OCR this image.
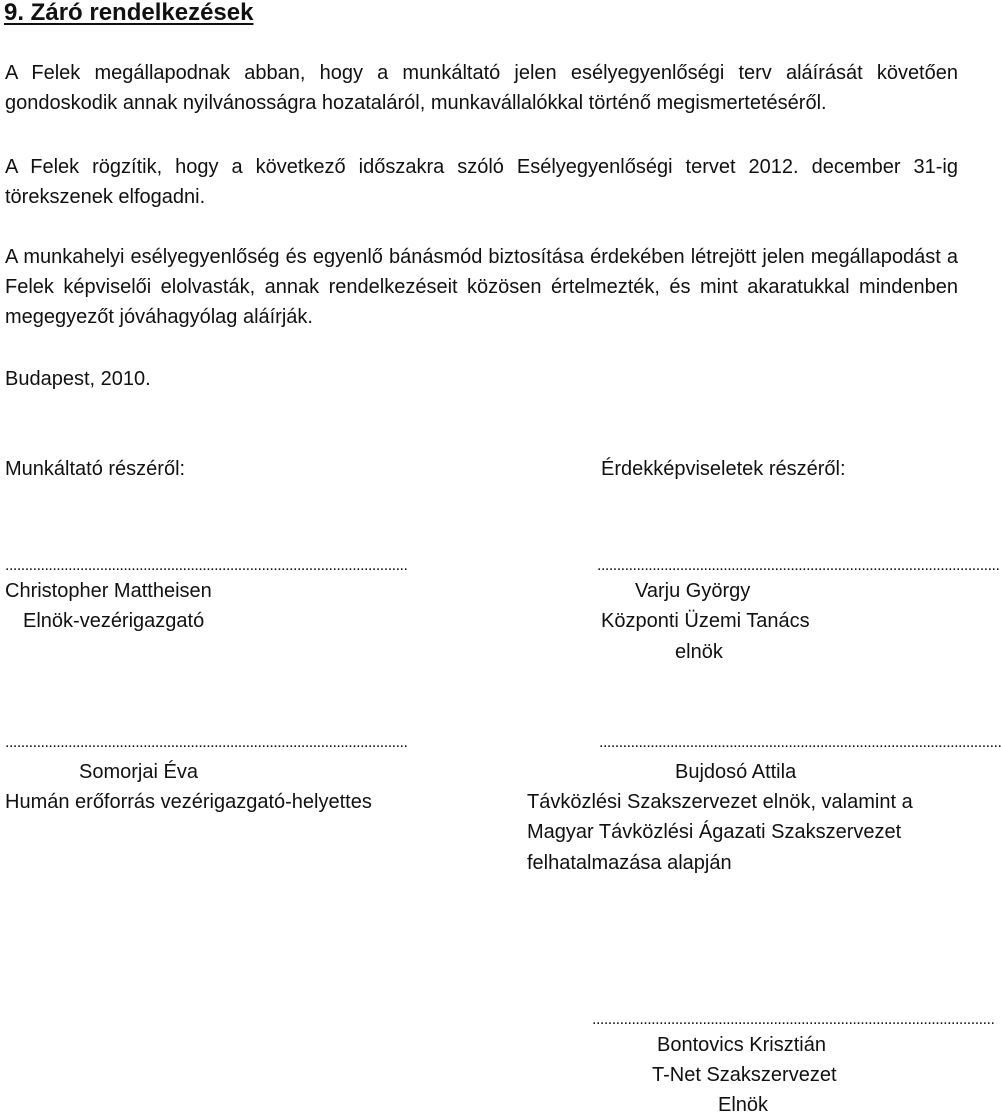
9. Záró rendelkezések

A Felek megállapodnak abban, hogy a munkáltató jelen esélyegyenlőségi terv aláírását követően gondoskodik annak nyilvánosságra hozataláról, munkavállalókkal történő megismertetéséről.

A Felek rögzítik, hogy a következő időszakra szóló Esélyegyenlőségi tervet 2012. december 31-ig törekszenek elfogadni.

A munkahelyi esélyegyenlőség és egyenlő bánásmód biztosítása érdekében létrejött jelen megállapodást a Felek képviselői elolvasták, annak rendelkezéseit közösen értelmezték, és mint akaratukkal mindenben megegyezőt jóváhagyólag aláírják.

Budapest, 2010.
Munkáltató részéről:	Érdekképviseletek részéről:
......................................................................................................
Christopher Mattheisen
Elnök-vezérigazgató
......................................................................................................
Varju György
Központi Üzemi Tanács
elnök
......................................................................................................
Somorjai Éva
Humán erőforrás vezérigazgató-helyettes
......................................................................................................
Bujdosó Attila
Távközlési Szakszervezet elnök, valamint a
Magyar Távközlési Ágazati Szakszervezet
felhatalmazása alapján
......................................................................................................
Bontovics Krisztián
T-Net Szakszervezet
Elnök
